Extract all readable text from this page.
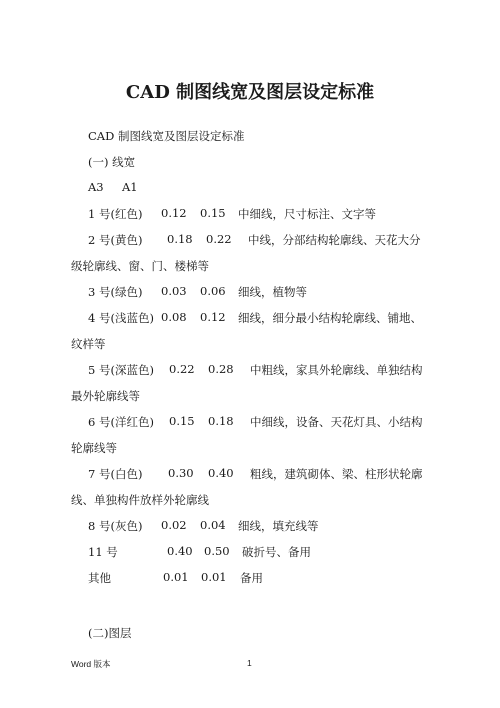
CAD 制图线宽及图层设定标准
CAD 制图线宽及图层设定标准
(一) 线宽
A3 A1
1 号(红色) 0.12 0.15 中细线，尺寸标注、文字等
2 号(黄色) 0.18 0.22 中线，分部结构轮廓线、天花大分
级轮廓线、窗、门、楼梯等
3 号(绿色) 0.03 0.06 细线，植物等
4 号(浅蓝色) 0.08 0.12 细线，细分最小结构轮廓线、铺地、
纹样等
5 号(深蓝色) 0.22 0.28 中粗线，家具外轮廓线、单独结构
最外轮廓线等
6 号(洋红色) 0.15 0.18 中细线，设备、天花灯具、小结构
轮廓线等
7 号(白色) 0.30 0.40 粗线，建筑砌体、梁、柱形状轮廓
线、单独构件放样外轮廓线
8 号(灰色) 0.02 0.04 细线，填充线等
11 号	0.40 0.50 破折号、备用
其他	0.01 0.01 备用
(二)图层
Word 版本	1
